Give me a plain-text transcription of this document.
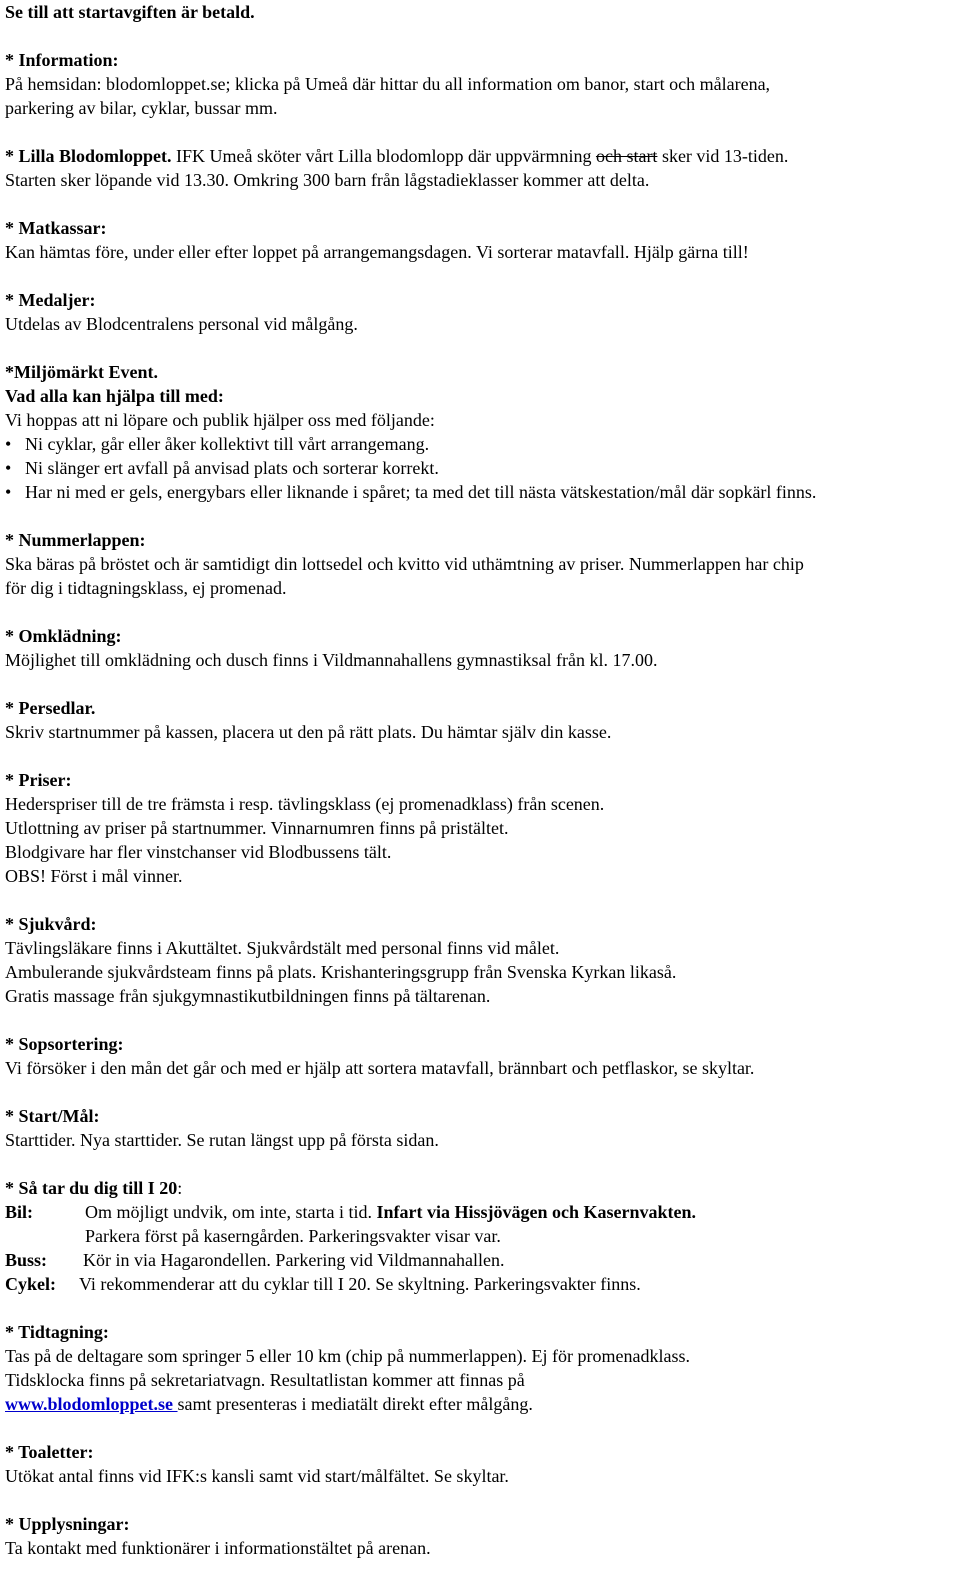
Se till att startavgiften är betald.
* Information:
På hemsidan: blodomloppet.se; klicka på Umeå där hittar du all information om banor, start och målarena,
parkering av bilar, cyklar, bussar mm.
* Lilla Blodomloppet. IFK Umeå sköter vårt Lilla blodomlopp där uppvärmning och start sker vid 13-tiden.
Starten sker löpande vid 13.30. Omkring 300 barn från lågstadieklasser kommer att delta.
* Matkassar:
Kan hämtas före, under eller efter loppet på arrangemangsdagen. Vi sorterar matavfall. Hjälp gärna till!
* Medaljer:
Utdelas av Blodcentralens personal vid målgång.
*Miljömärkt Event.
Vad alla kan hjälpa till med:
Vi hoppas att ni löpare och publik hjälper oss med följande:
• Ni cyklar, går eller åker kollektivt till vårt arrangemang.
• Ni slänger ert avfall på anvisad plats och sorterar korrekt.
• Har ni med er gels, energybars eller liknande i spåret; ta med det till nästa vätskestation/mål där sopkärl finns.
* Nummerlappen:
Ska bäras på bröstet och är samtidigt din lottsedel och kvitto vid uthämtning av priser. Nummerlappen har chip
för dig i tidtagningsklass, ej promenad.
* Omklädning:
Möjlighet till omklädning och dusch finns i Vildmannahallens gymnastiksal från kl. 17.00.
* Persedlar.
Skriv startnummer på kassen, placera ut den på rätt plats. Du hämtar själv din kasse.
* Priser:
Hederspriser till de tre främsta i resp. tävlingsklass (ej promenadklass) från scenen.
Utlottning av priser på startnummer. Vinnarnumren finns på pristältet.
Blodgivare har fler vinstchanser vid Blodbussens tält.
OBS! Först i mål vinner.
* Sjukvård:
Tävlingsläkare finns i Akuttältet. Sjukvårdstält med personal finns vid målet.
Ambulerande sjukvårdsteam finns på plats. Krishanteringsgrupp från Svenska Kyrkan likaså.
Gratis massage från sjukgymnastikutbildningen finns på tältarenan.
* Sopsortering:
Vi försöker i den mån det går och med er hjälp att sortera matavfall, brännbart och petflaskor, se skyltar.
* Start/Mål:
Starttider. Nya starttider. Se rutan längst upp på första sidan.
* Så tar du dig till I 20:
Bil:	Om möjligt undvik, om inte, starta i tid. Infart via Hissjövägen och Kasernvakten.
Parkera först på kaserngården. Parkeringsvakter visar var.
Buss: Kör in via Hagarondellen. Parkering vid Vildmannahallen.
Cykel: Vi rekommenderar att du cyklar till I 20. Se skyltning. Parkeringsvakter finns.
* Tidtagning:
Tas på de deltagare som springer 5 eller 10 km (chip på nummerlappen). Ej för promenadklass.
Tidsklocka finns på sekretariatvagn. Resultatlistan kommer att finnas på
www.blodomloppet.se samt presenteras i mediatält direkt efter målgång.
* Toaletter:
Utökat antal finns vid IFK:s kansli samt vid start/målfältet. Se skyltar.
* Upplysningar:
Ta kontakt med funktionärer i informationstältet på arenan.
